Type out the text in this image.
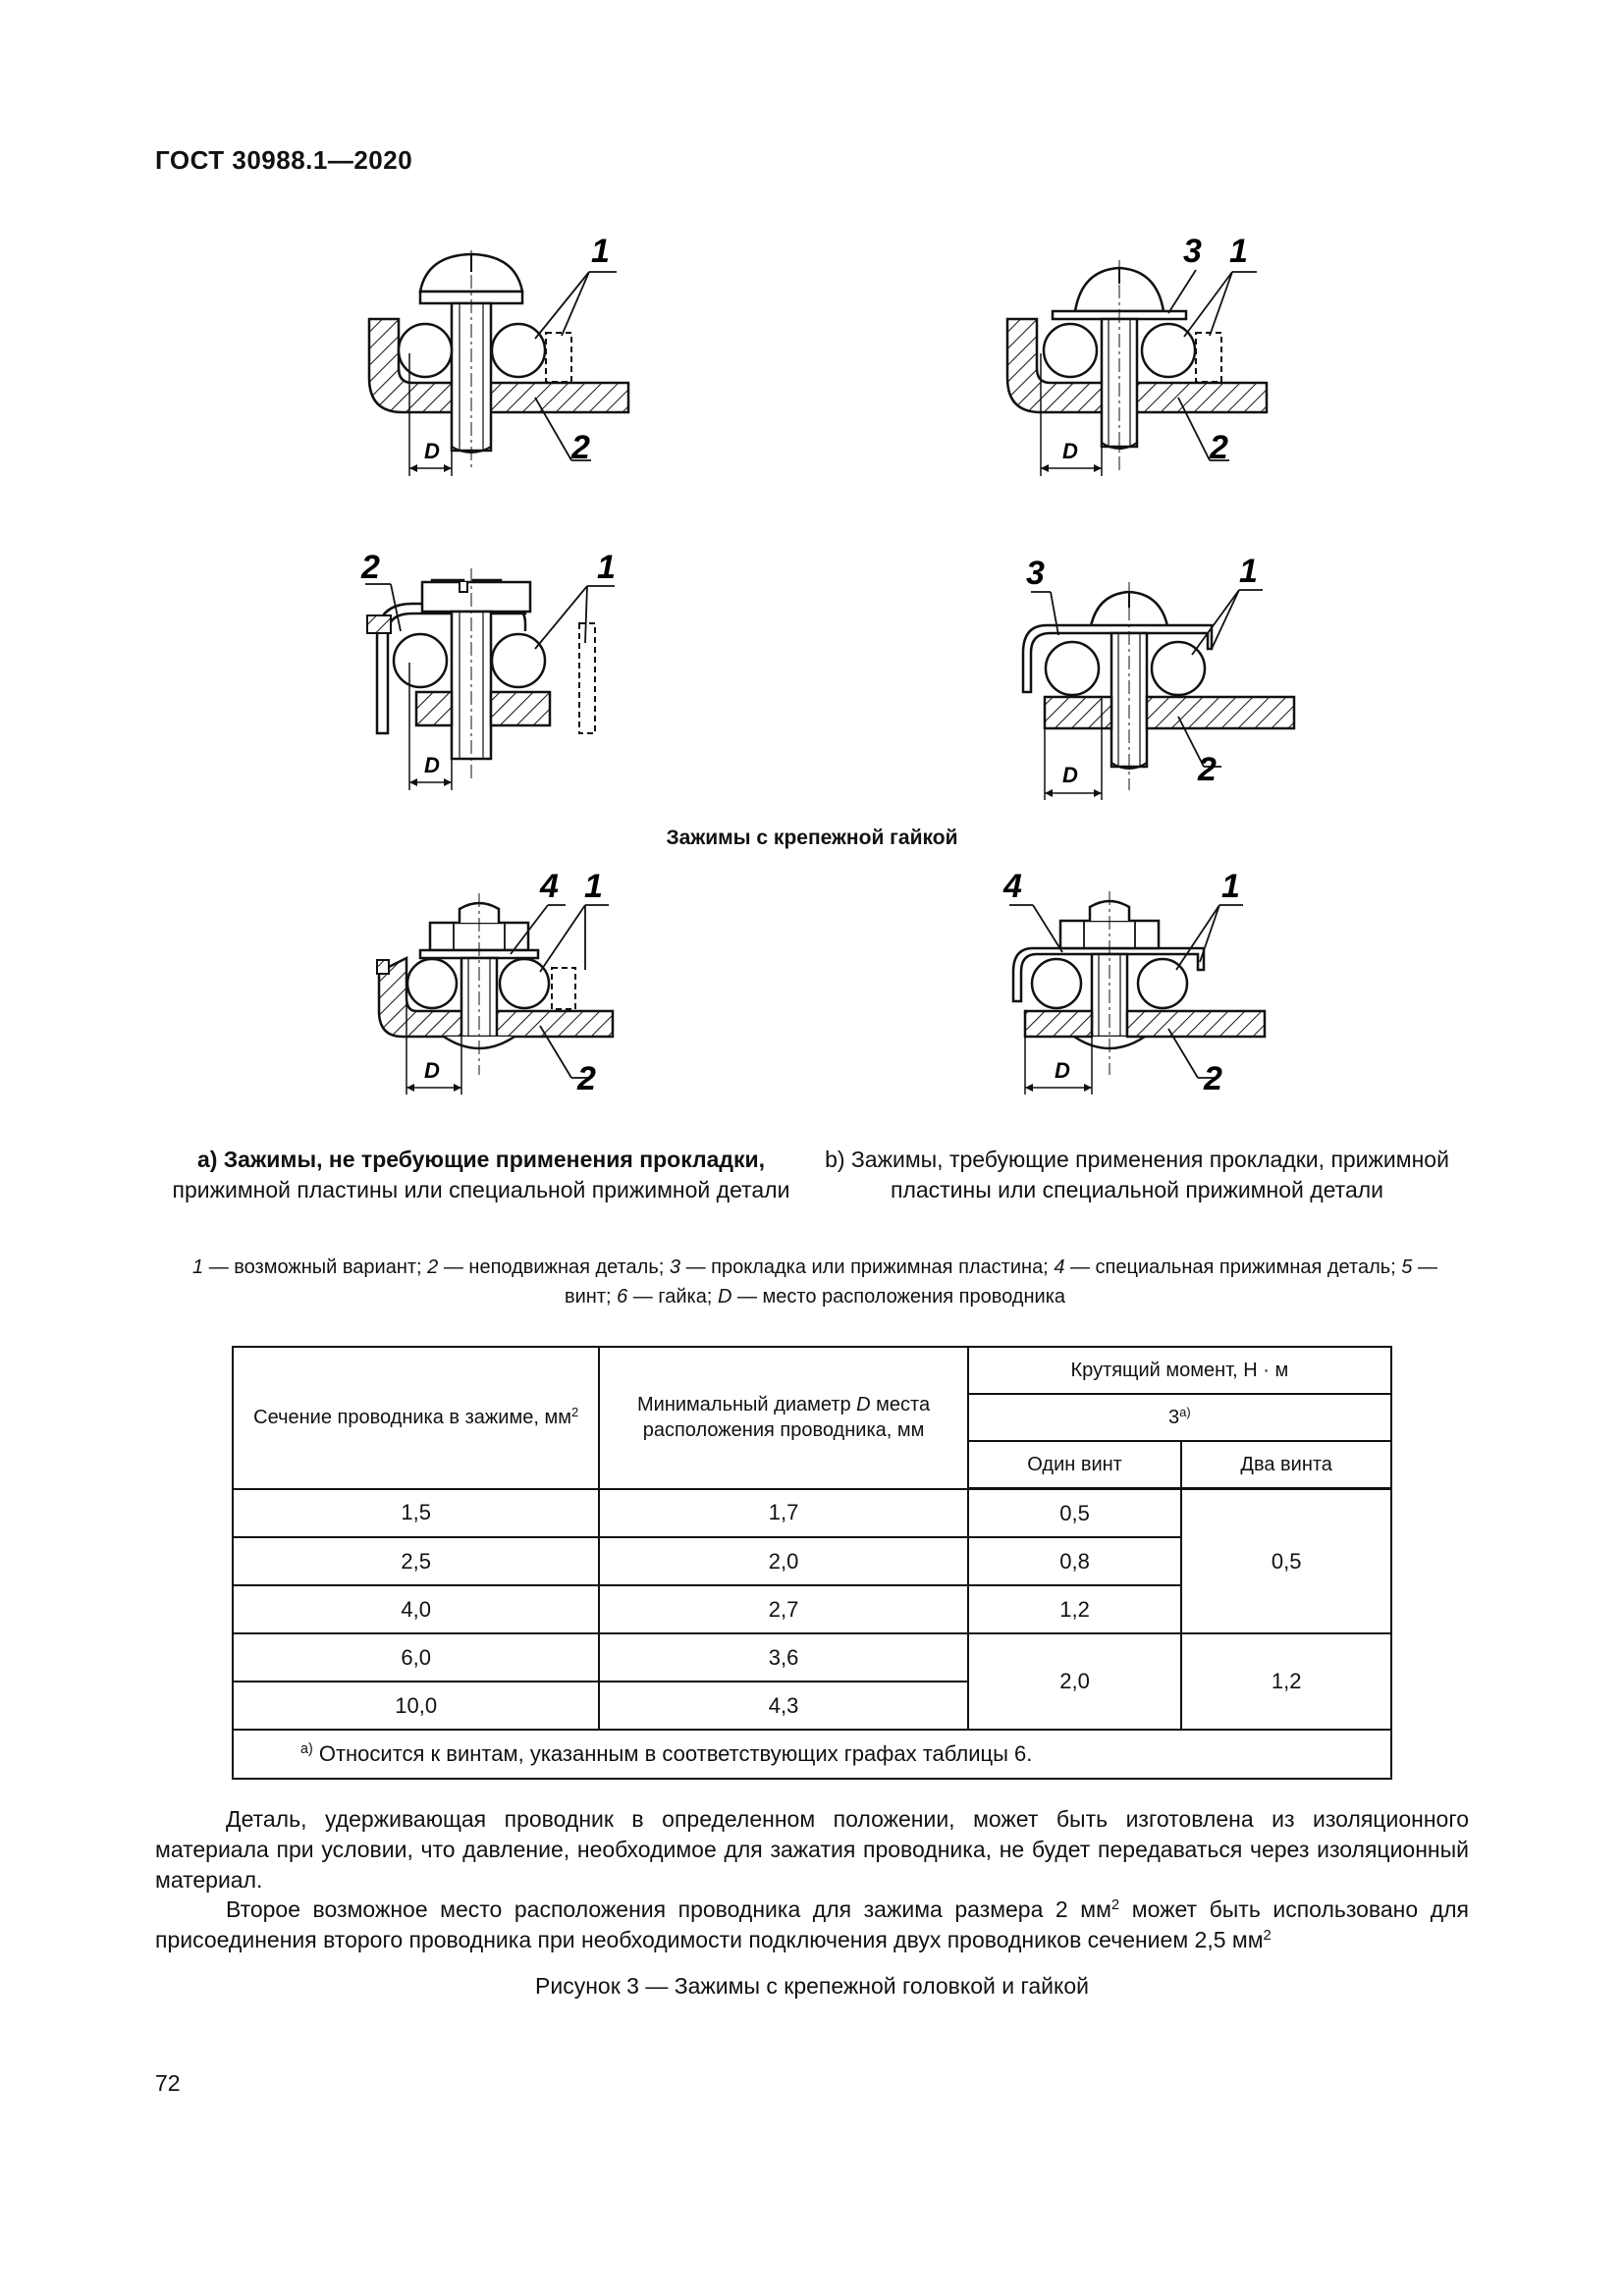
ГОСТ 30988.1—2020
D
1
2	D
3 1
2
D
2	1
D
3	1
2
Зажимы с крепежной гайкой
D
4 1
2	D
4	1
2
а) Зажимы, не требующие применения прокладки,
прижимной пластины или специальной прижимной детали
b) Зажимы, требующие применения прокладки, прижимной пластины или специальной прижимной детали
1 — возможный вариант; 2 — неподвижная деталь; 3 — прокладка или прижимная пластина; 4 — специальная прижимная деталь; 5 — винт; 6 — гайка; D — место расположения проводника
Сечение проводника в зажиме, $мм^2$	Минимальный диаметр D места расположения проводника, мм	Крутящий момент, Н · м	
		$3^{а)}$
		Один винт	Два винта
1,5	1,7	0,5	0,5
2,5	2,0	0,8	
4,0	2,7	1,2	
6,0	3,6	2,0	1,2
10,0	4,3		
$^{а)}$ Относится к винтам, указанным в соответствующих графах таблицы 6.			
Деталь, удерживающая проводник в определенном положении, может быть изготовлена из изоляционного материала при условии, что давление, необходимое для зажатия проводника, не будет передаваться через изоляционный материал.
Второе возможное место расположения проводника для зажима размера 2 $мм^2$ может быть использовано для присоединения второго проводника при необходимости подключения двух проводников сечением 2,5 $мм^2$
Рисунок 3 — Зажимы с крепежной головкой и гайкой
72
